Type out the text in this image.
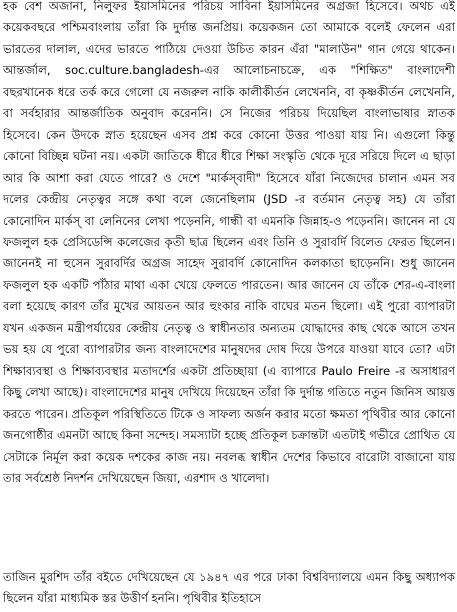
হক বেশ অজানা, নিলুফর ইয়াসমিনের পরিচয় সাবিনা ইয়াসমিনের অগ্রজা হিসেবে। অথচ এই কয়েকবছরে পশ্চিমবাংলায় তাঁরা কি দুর্দান্ত জনপ্রিয়। কয়েকজন তো আমাকে বলেই ফেলেন এরা ভারতের দালাল, এদের ভারতে পাঠিয়ে দেওয়া উচিত কারন এঁরা "মালাউন" গান গেয়ে থাকেন। আন্তর্জাল, soc.culture.bangladesh-এর আলোচনাচক্রে, এক "শিক্ষিত" বাংলাদেশী বছরখানেক ধরে তর্ক করে গেলো যে নজরুল নাকি কালীকীর্তন লেখেননি, বা কৃষ্ণকীর্তন লেখেননি, বা সর্বহারার আন্তর্জাতিক অনুবাদ করেননি। সে নিজের পরিচয় দিয়েছিল বাংলাভাষার স্নাতক হিসেবে। কেন উদকে স্নাত হয়েছেন এসব প্রশ্ন করে কোনো উত্তর পাওয়া যায় নি। এগুলো কিন্তু কোনো বিচ্ছিন্ন ঘটনা নয়। একটা জাতিকে ধীরে ধীরে শিক্ষা সংস্কৃতি থেকে দূরে সরিয়ে দিলে এ ছাড়া আর কি আশা করা যেতে পারে? ও দেশে "মার্কস্‌বাদী" হিসেবে যাঁরা নিজেদের চালান এমন সব দলের কেন্দ্রীয় নেতৃত্বর সঙ্গে কথা বলে জেনেছিলাম (JSD -র বর্তমান নেতৃত্ব সহ) যে তাঁরা কোনোদিন মার্কস্‌ বা লেনিনের লেখা পড়েননি, গান্ধী বা এমনকি জিন্নাহ-ও পড়েননি। জানেন না যে ফজলুল হক প্রেসিডেন্সি কলেজের কৃতী ছাত্র ছিলেন এবং তিনি ও সুরাবর্দি বিলেত ফেরত ছিলেন। জানেনই না হুসেন সুরাবর্দির অগ্রজ সাহেদ সুরাবর্দি কোনোদিন কলকাতা ছাড়েননি। শুধু জানেন ফজলুল হক একটি পাঁঠার মাথা একা খেয়ে ফেলতে পারতেন। আর জানেন যে তাঁকে শের-এ-বাংলা বলা হয়েছে কারণ তাঁর মুখের আয়তন আর হুংকার নাকি বাঘের মতন ছিলো। এই পুরো ব্যাপারটা যখন একজন মন্ত্রীপর্যায়ের কেন্দ্রীয় নেতৃত্ব ও স্বাধীনতার অন্যতম যোদ্ধাদের কাছ থেকে আসে তখন ভয় হয় যে পুরো ব্যাপারটার জন্য বাংলাদেশের মানুষদের দোষ দিয়ে উপরে যাওয়া যাবে তো? এটা শিক্ষাব্যবস্থা ও শিক্ষাব্যবস্থার মতাদর্শের একটা প্রতিচ্ছায়া (এ ব্যাপারে Paulo Freire -র অসাধারণ কিছু লেখা আছে)। বাংলাদেশের মানুষ দেখিয়ে দিয়েছেন তাঁরা কি দুর্দান্ত গতিতে নতুন জিনিস আয়ত্ত করতে পারেন। প্রতিকূল পরিস্থিতিতে টিকে ও সাফল্য অর্জন করার মতো ক্ষমতা পৃথিবীর আর কোনো জনগোষ্ঠীর এমনটা আছে কিনা সন্দেহ। সমস্যাটা হচ্ছে প্রতিকূল চক্রান্তটা এতটাই গভীরে প্রোথিত যে সেটাকে নির্মূল করা কয়েক দশকের কাজ নয়। নবলব্ধ স্বাধীন দেশের কিভাবে বারোটা বাজানো যায় তার সর্বশ্রেষ্ঠ নিদর্শন দেখিয়েছেন জিয়া, এরশাদ ও খালেদা।

তাজিন মুরশিদ তাঁর বইতে দেখিয়েছেন যে ১৯৪৭ এর পরে ঢাকা বিশ্ববিদ্যালয়ে এমন কিছু অধ্যাপক ছিলেন যাঁরা মাধ্যমিক স্তর উত্তীর্ণ হননি। পৃথিবীর ইতিহাসে
